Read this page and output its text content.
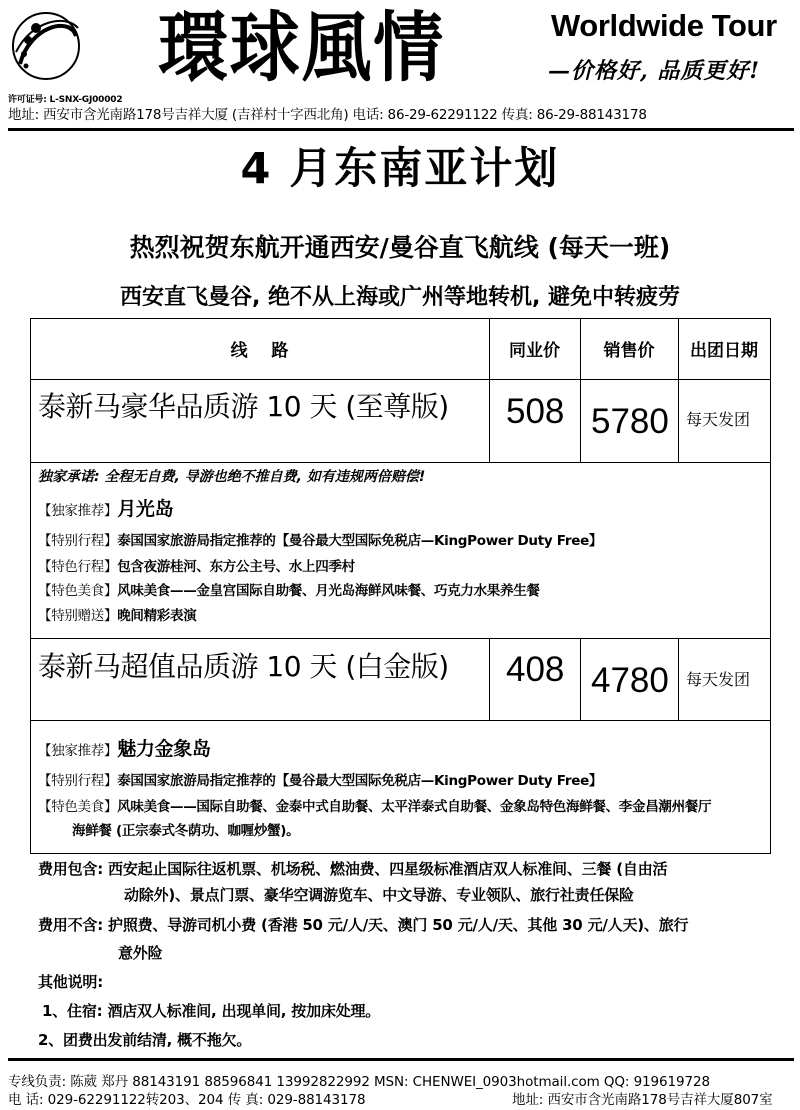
许可证号: L-SNX-GJ00002
環球風情	Worldwide Tour
—价格好, 品质更好!
地址: 西安市含光南路178号吉祥大厦 (吉祥村十字西北角) 电话: 86-29-62291122 传真: 86-29-88143178
4 月东南亚计划
热烈祝贺东航开通西安/曼谷直飞航线 (每天一班)
西安直飞曼谷, 绝不从上海或广州等地转机, 避免中转疲劳
线    路	同业价	销售价	出团日期
泰新马豪华品质游 10 天 (至尊版) 508 5780 每天发团
独家承诺: 全程无自费, 导游也绝不推自费, 如有违规两倍赔偿!
【独家推荐】月光岛
【特别行程】泰国国家旅游局指定推荐的【曼谷最大型国际免税店—KingPower Duty Free】
【特色行程】包含夜游桂河、东方公主号、水上四季村
【特色美食】风味美食——金皇宫国际自助餐、月光岛海鲜风味餐、巧克力水果养生餐
【特别赠送】晚间精彩表演
泰新马超值品质游 10 天 (白金版) 408 4780 每天发团
【独家推荐】魅力金象岛
【特别行程】泰国国家旅游局指定推荐的【曼谷最大型国际免税店—KingPower Duty Free】
【特色美食】风味美食——国际自助餐、金泰中式自助餐、太平洋泰式自助餐、金象岛特色海鲜餐、李金昌潮州餐厅
海鲜餐 (正宗泰式冬荫功、咖喱炒蟹)。
费用包含: 西安起止国际往返机票、机场税、燃油费、四星级标准酒店双人标准间、三餐 (自由活
动除外)、景点门票、豪华空调游览车、中文导游、专业领队、旅行社责任保险
费用不含: 护照费、导游司机小费 (香港 50 元/人/天、澳门 50 元/人/天、其他 30 元/人天)、旅行
意外险
其他说明:
1、住宿: 酒店双人标准间, 出现单间, 按加床处理。
2、团费出发前结清, 概不拖欠。
专线负责: 陈葳 郑丹 88143191 88596841 13992822992 MSN: CHENWEI_0903hotmail.com QQ: 919619728
电 话: 029-62291122转203、204 传 真: 029-88143178	地址: 西安市含光南路178号吉祥大厦807室
